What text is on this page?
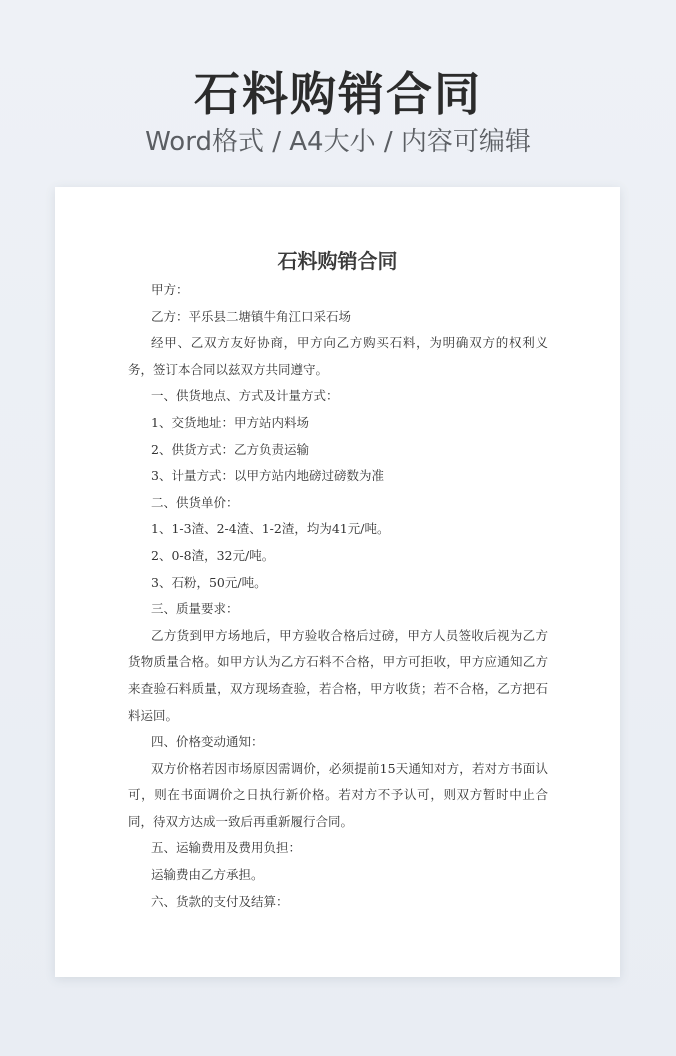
石料购销合同
Word格式 / A4大小 / 内容可编辑
石料购销合同

甲方：

乙方：平乐县二塘镇牛角江口采石场

经甲、乙双方友好协商，甲方向乙方购买石料，为明确双方的权利义务，签订本合同以兹双方共同遵守。

一、供货地点、方式及计量方式：

1、交货地址：甲方站内料场

2、供货方式：乙方负责运输

3、计量方式：以甲方站内地磅过磅数为准

二、供货单价：

1、1-3渣、2-4渣、1-2渣，均为41元/吨。

2、0-8渣，32元/吨。

3、石粉，50元/吨。

三、质量要求：

乙方货到甲方场地后，甲方验收合格后过磅，甲方人员签收后视为乙方货物质量合格。如甲方认为乙方石料不合格，甲方可拒收，甲方应通知乙方来查验石料质量，双方现场查验，若合格，甲方收货；若不合格，乙方把石料运回。

四、价格变动通知：

双方价格若因市场原因需调价，必须提前15天通知对方，若对方书面认可，则在书面调价之日执行新价格。若对方不予认可，则双方暂时中止合同，待双方达成一致后再重新履行合同。

五、运输费用及费用负担：

运输费由乙方承担。

六、货款的支付及结算：
